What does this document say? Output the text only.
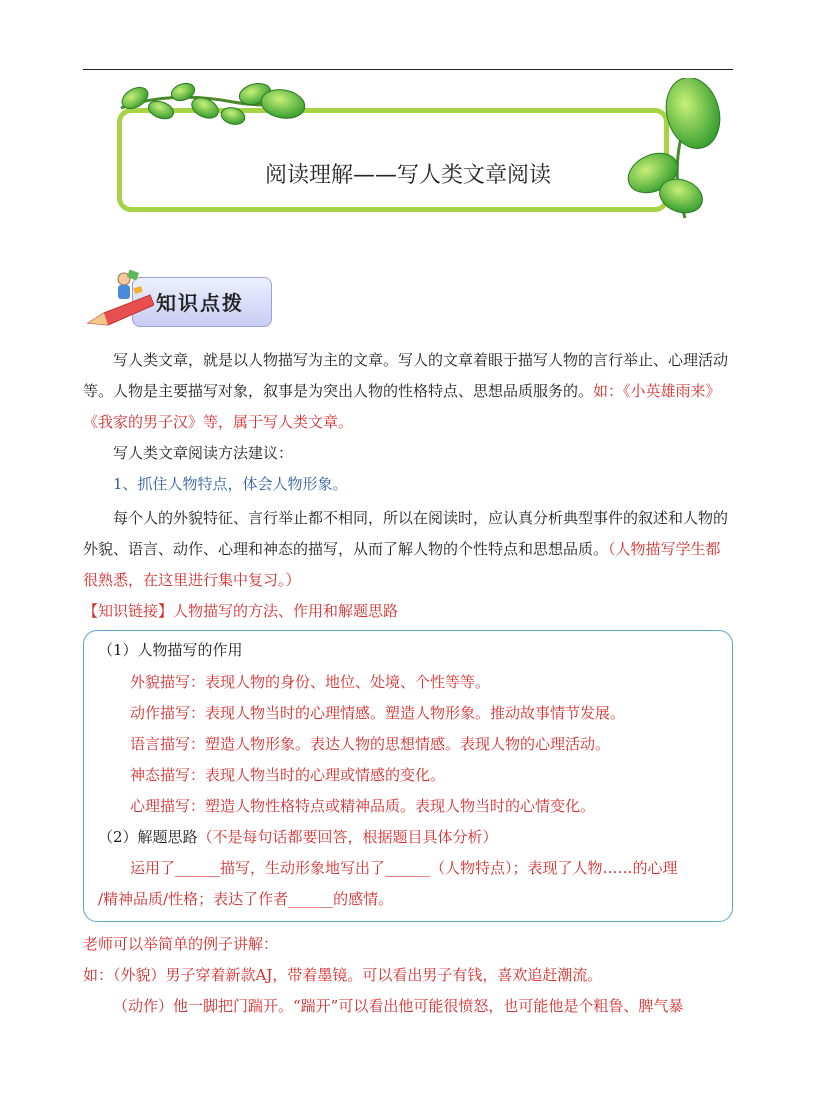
阅读理解——写人类文章阅读
知识点拨

写人类文章，就是以人物描写为主的文章。写人的文章着眼于描写人物的言行举止、心理活动等。人物是主要描写对象，叙事是为突出人物的性格特点、思想品质服务的。如：《小英雄雨来》《我家的男子汉》等，属于写人类文章。

写人类文章阅读方法建议：

1、抓住人物特点，体会人物形象。

每个人的外貌特征、言行举止都不相同，所以在阅读时，应认真分析典型事件的叙述和人物的外貌、语言、动作、心理和神态的描写，从而了解人物的个性特点和思想品质。（人物描写学生都很熟悉，在这里进行集中复习。）

【知识链接】人物描写的方法、作用和解题思路

（1）人物描写的作用

外貌描写：表现人物的身份、地位、处境、个性等等。

动作描写：表现人物当时的心理情感。塑造人物形象。推动故事情节发展。

语言描写：塑造人物形象。表达人物的思想情感。表现人物的心理活动。

神态描写：表现人物当时的心理或情感的变化。

心理描写：塑造人物性格特点或精神品质。表现人物当时的心情变化。

（2）解题思路（不是每句话都要回答，根据题目具体分析）

运用了______描写，生动形象地写出了______（人物特点）；表现了人物……的心理

/精神品质/性格；表达了作者______的感情。

老师可以举简单的例子讲解：

如：（外貌）男子穿着新款AJ，带着墨镜。可以看出男子有钱，喜欢追赶潮流。

（动作）他一脚把门踹开。“踹开”可以看出他可能很愤怒，也可能他是个粗鲁、脾气暴
